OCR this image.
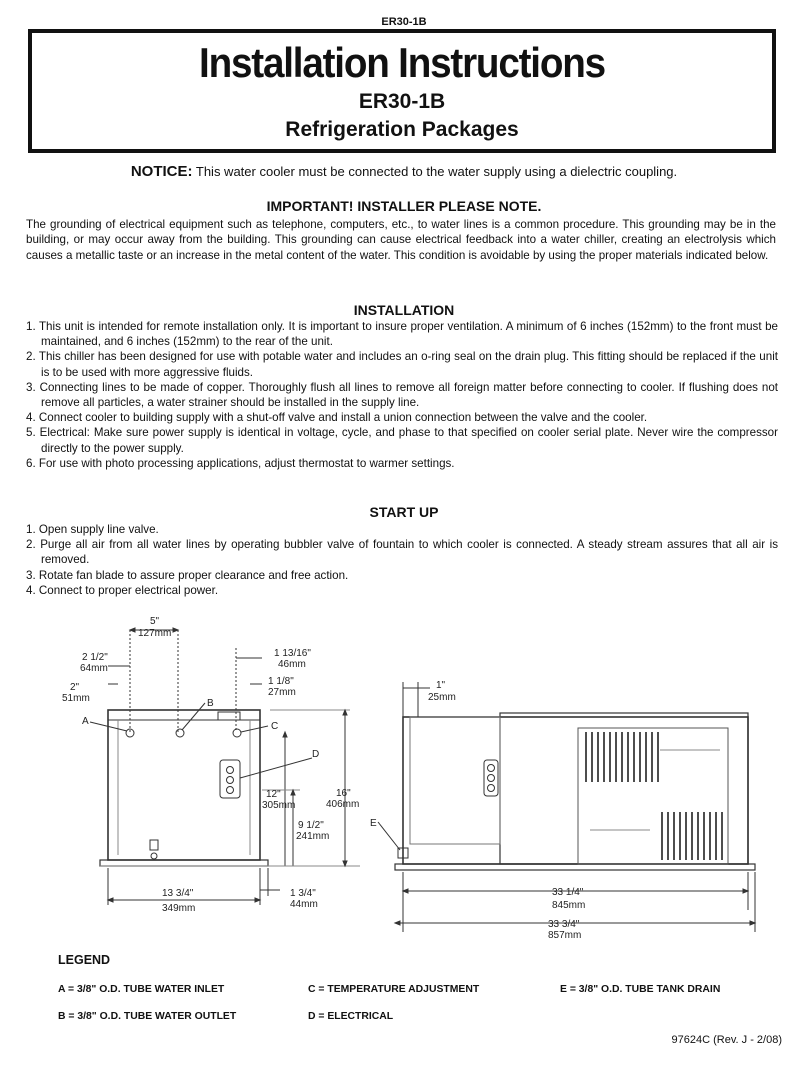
ER30-1B
Installation Instructions
ER30-1B
Refrigeration Packages
NOTICE: This water cooler must be connected to the water supply using a dielectric coupling.
IMPORTANT! INSTALLER PLEASE NOTE.
The grounding of electrical equipment such as telephone, computers, etc., to water lines is a common procedure. This grounding may be in the building, or may occur away from the building. This grounding can cause electrical feedback into a water chiller, creating an electrolysis which causes a metallic taste or an increase in the metal content of the water. This condition is avoidable by using the proper materials indicated below.
INSTALLATION
1. This unit is intended for remote installation only. It is important to insure proper ventilation. A minimum of 6 inches (152mm) to the front must be maintained, and 6 inches (152mm) to the rear of the unit.
2. This chiller has been designed for use with potable water and includes an o-ring seal on the drain plug. This fitting should be replaced if the unit is to be used with more aggressive fluids.
3. Connecting lines to be made of copper. Thoroughly flush all lines to remove all foreign matter before connecting to cooler. If flushing does not remove all particles, a water strainer should be installed in the supply line.
4. Connect cooler to building supply with a shut-off valve and install a union connection between the valve and the cooler.
5. Electrical: Make sure power supply is identical in voltage, cycle, and phase to that specified on cooler serial plate. Never wire the compressor directly to the power supply.
6. For use with photo processing applications, adjust thermostat to warmer settings.
START UP
1. Open supply line valve.
2. Purge all air from all water lines by operating bubbler valve of fountain to which cooler is connected. A steady stream assures that all air is removed.
3. Rotate fan blade to assure proper clearance and free action.
4. Connect to proper electrical power.
5"
127mm
2 1/2"
64mm
2"
51mm
1 13/16"
46mm
1 1/8"
27mm
A
B
C
D
12"
305mm
9 1/2"
241mm
16"
406mm
13 3/4"
349mm
1 3/4"
44mm
1"
25mm
E
33 1/4"
845mm
33 3/4"
857mm
LEGEND
A = 3/8" O.D. TUBE WATER INLET
B = 3/8" O.D. TUBE WATER OUTLET
C = TEMPERATURE ADJUSTMENT
D = ELECTRICAL
E = 3/8" O.D. TUBE TANK DRAIN
97624C (Rev. J - 2/08)
